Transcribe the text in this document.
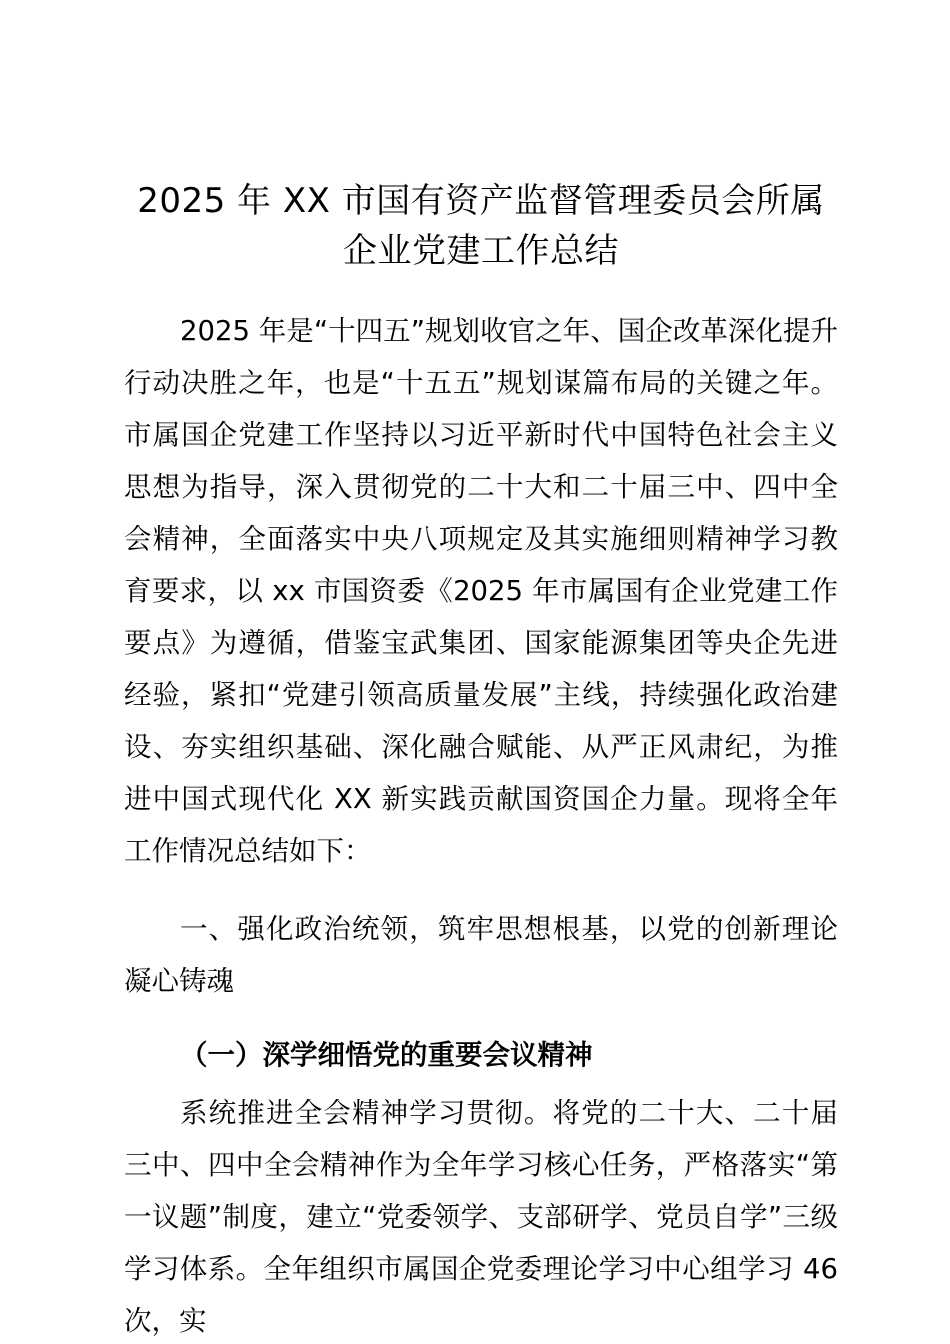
2025 年 XX 市国有资产监督管理委员会所属
企业党建工作总结

2025 年是“十四五”规划收官之年、国企改革深化提升行动决胜之年，也是“十五五”规划谋篇布局的关键之年。市属国企党建工作坚持以习近平新时代中国特色社会主义思想为指导，深入贯彻党的二十大和二十届三中、四中全会精神，全面落实中央八项规定及其实施细则精神学习教育要求，以 xx 市国资委《2025 年市属国有企业党建工作要点》为遵循，借鉴宝武集团、国家能源集团等央企先进经验，紧扣“党建引领高质量发展”主线，持续强化政治建设、夯实组织基础、深化融合赋能、从严正风肃纪，为推进中国式现代化 XX 新实践贡献国资国企力量。现将全年工作情况总结如下：

一、强化政治统领，筑牢思想根基，以党的创新理论凝心铸魂

（一）深学细悟党的重要会议精神

系统推进全会精神学习贯彻。将党的二十大、二十届三中、四中全会精神作为全年学习核心任务，严格落实“第一议题”制度，建立“党委领学、支部研学、党员自学”三级学习体系。全年组织市属国企党委理论学习中心组学习 46 次，实
